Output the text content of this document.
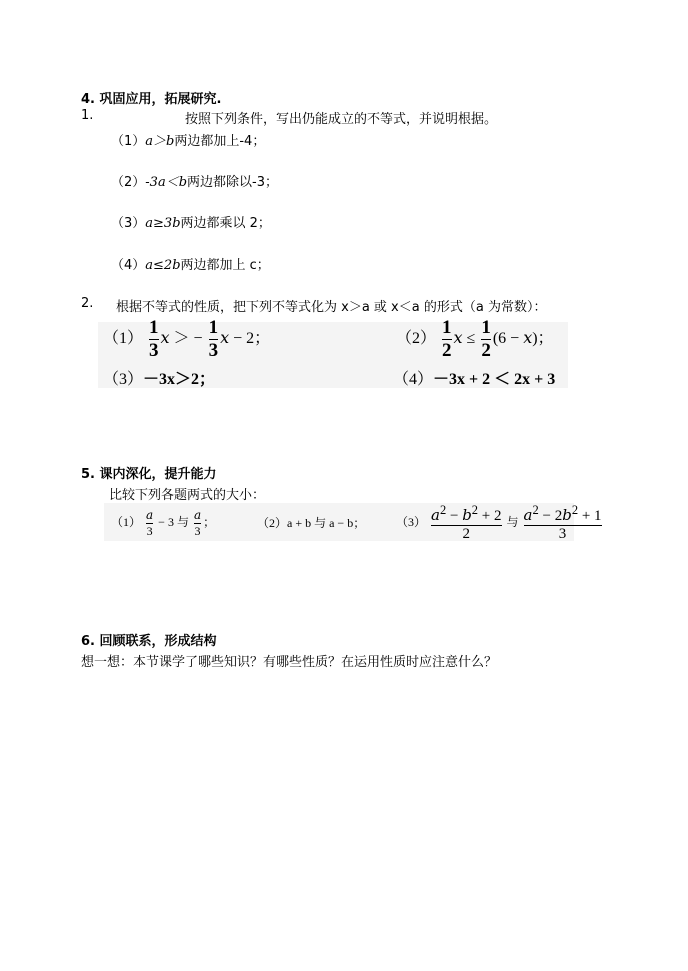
4. 巩固应用，拓展研究.
1.	按照下列条件，写出仍能成立的不等式，并说明根据。
（1）a＞b两边都加上-4；
（2）-3a＜b两边都除以-3；
（3）a≥3b两边都乘以 2；
（4）a≤2b两边都加上 c；
2. 根据不等式的性质，把下列不等式化为 x＞a 或 x＜a 的形式（a 为常数）：
$(1) \frac{1}{3}$ x ＞ − $\frac{1}{3}$ x − 2；	$(2) \frac{1}{2}$ $x \le \frac{1}{2} (6 - x)$；
（3）－3x＞2；	（4）－3x + 2 ＜ 2x + 3
5. 课内深化，提升能力
比较下列各题两式的大小：
$(1) \frac{a}{3} - 3$ 与 $\frac{a}{3}$ ；	（2）a + b 与 a − b；	$(3) \frac{a^2 - b^2 + 2}{2}$ 与 $\frac{a^2 - 2b^2 + 1}{3}$
6. 回顾联系，形成结构
想一想：本节课学了哪些知识？有哪些性质？在运用性质时应注意什么？
